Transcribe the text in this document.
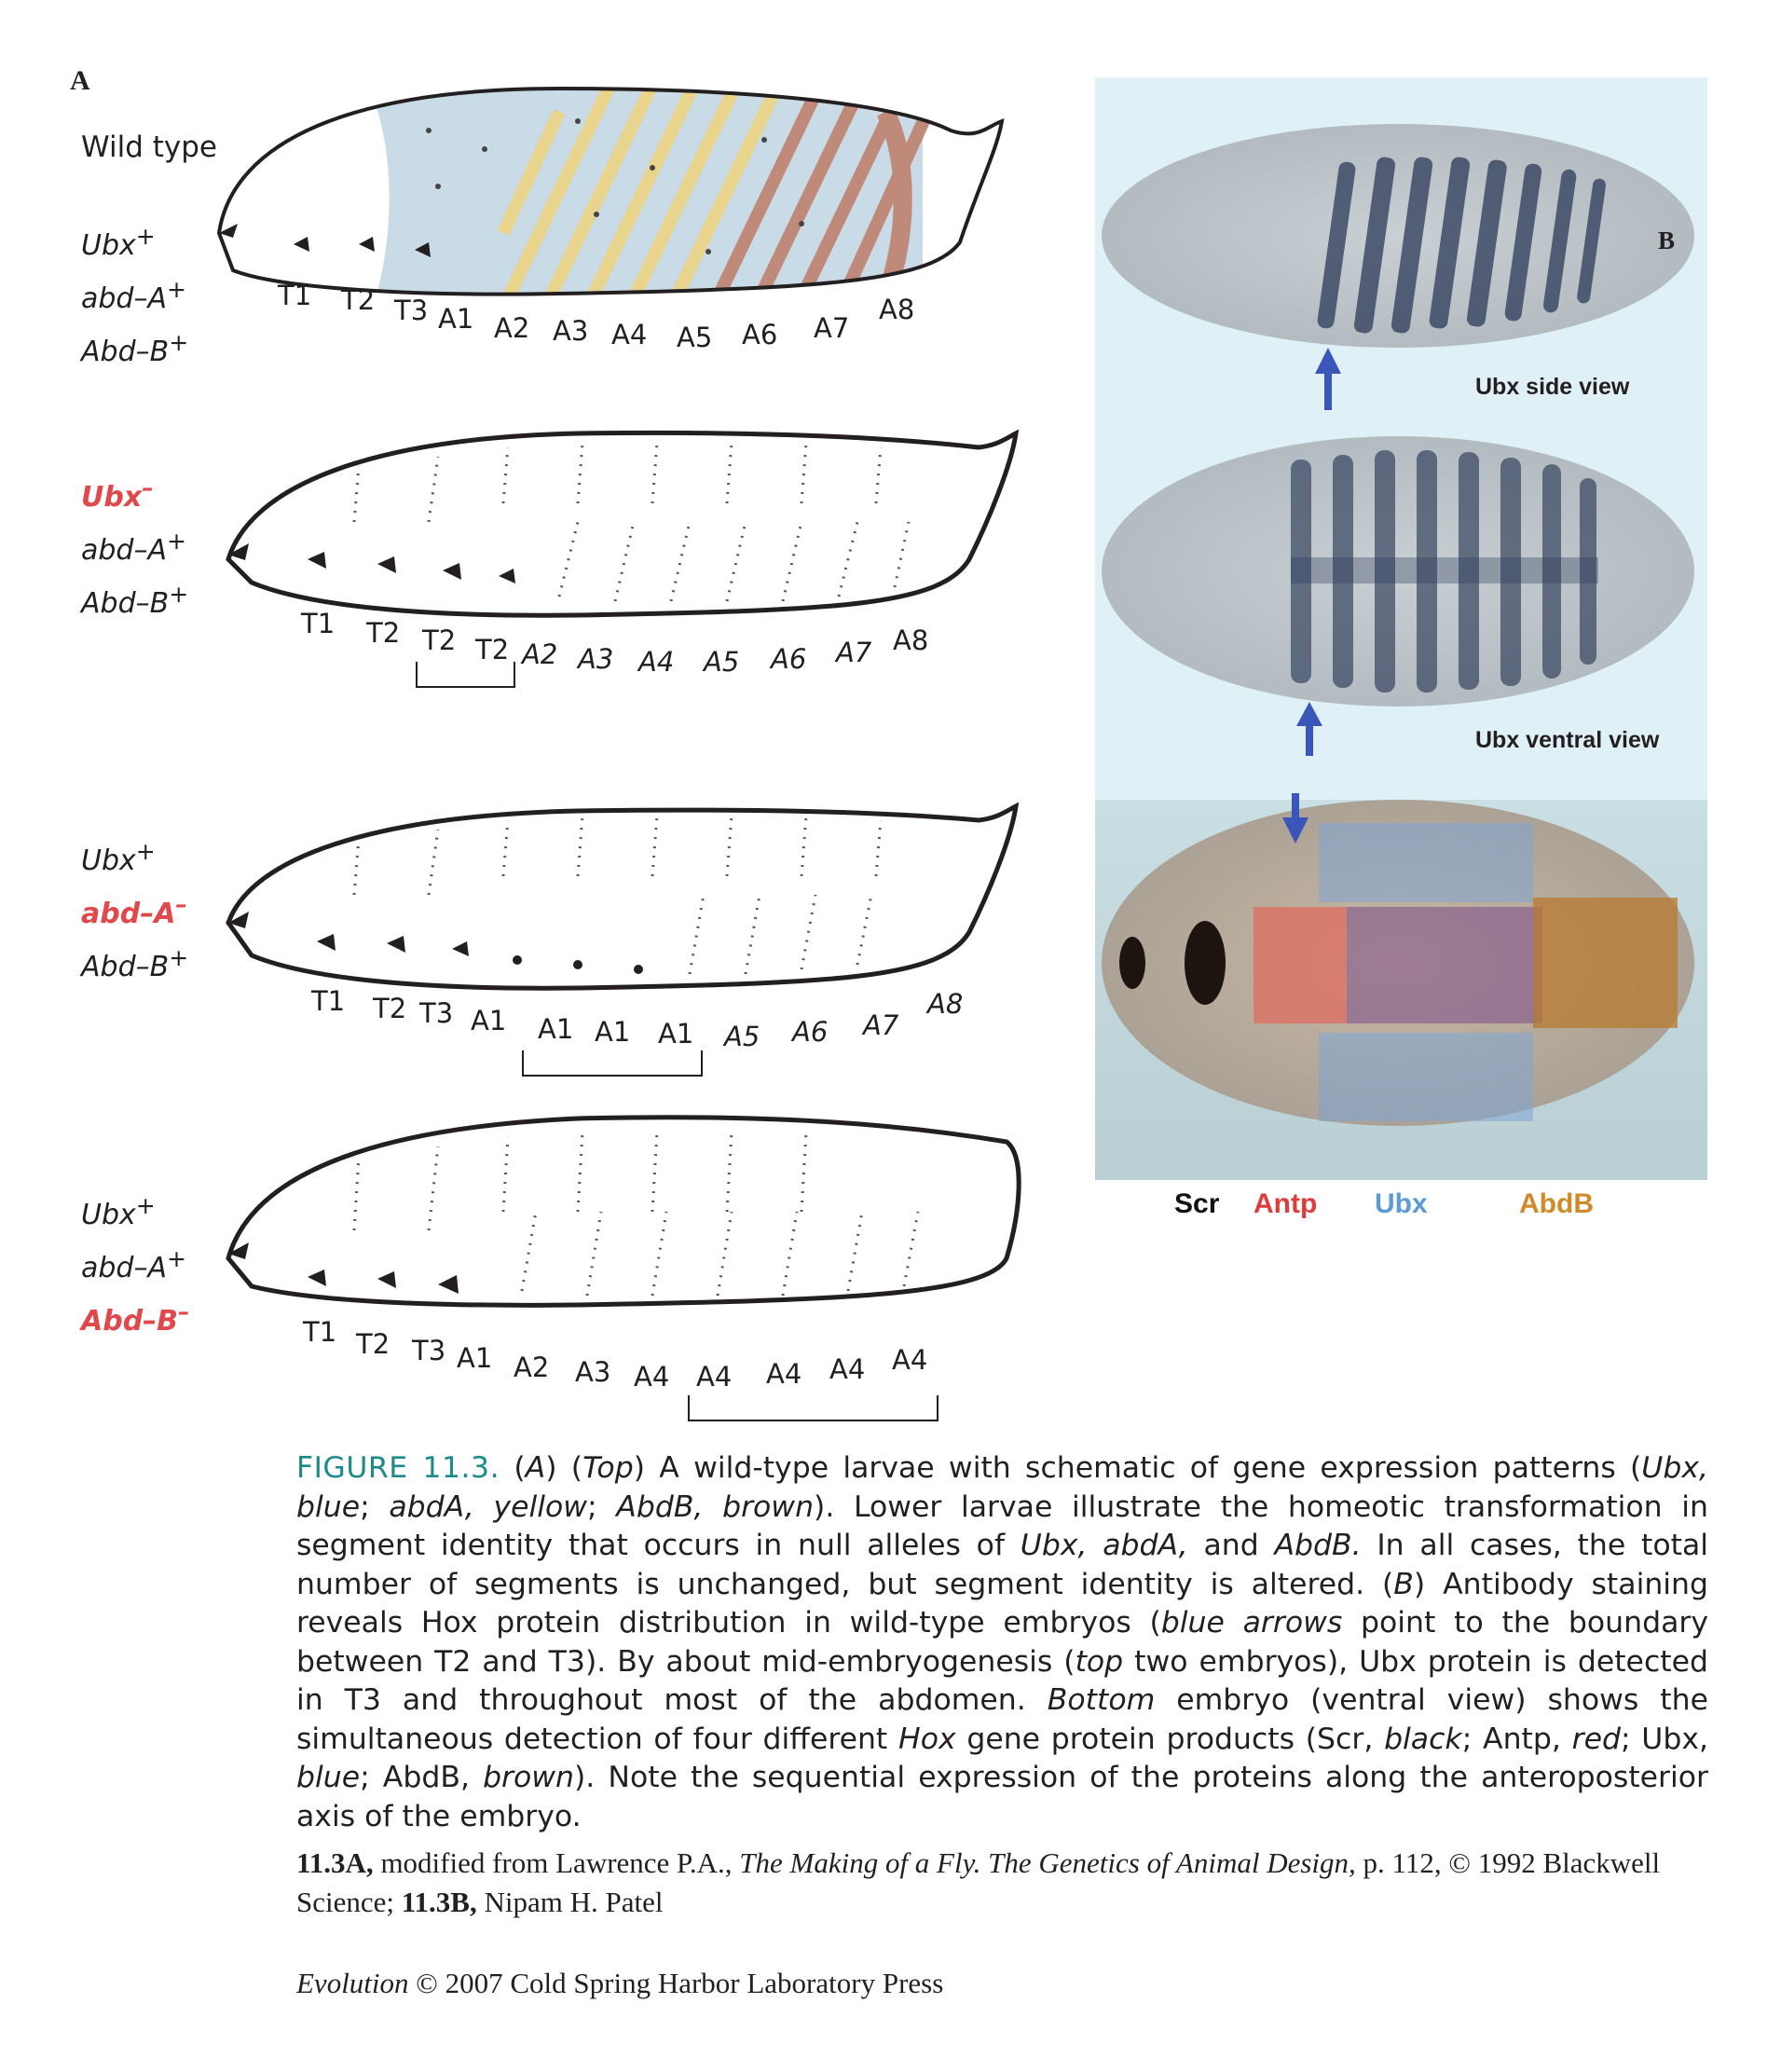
A
Wild type
Ubx+
abd–A+
Abd–B+
Ubx–
abd–A+
Abd–B+
Ubx+
abd–A–
Abd–B+
Ubx+
abd–A+
Abd–B–
T1 T2 T3 A1 A2 A3 A4 A5 A6 A7
A8
T1 T2 T2 T2 A2 A3 A4 A5 A6 A7 A8
T1 T2 T3 A1 A1 A1 A1 A5 A6 A7
A8
T1 T2 T3 A1 A2 A3 A4 A4 A4 A4 A4
B
Ubx side view
Ubx ventral view
Scr Antp Ubx	AbdB
FIGURE 11.3. (A) (Top) A wild-type larvae with schematic of gene expression patterns (Ubx, blue; abdA, yellow; AbdB, brown). Lower larvae illustrate the homeotic transformation in segment identity that occurs in null alleles of Ubx, abdA, and AbdB. In all cases, the total number of segments is unchanged, but segment identity is altered. (B) Antibody staining reveals Hox protein distribution in wild-type embryos (blue arrows point to the boundary between T2 and T3). By about mid-embryogenesis (top two embryos), Ubx protein is detected in T3 and throughout most of the abdomen. Bottom embryo (ventral view) shows the simultaneous detection of four different Hox gene protein products (Scr, black; Antp, red; Ubx, blue; AbdB, brown). Note the sequential expression of the proteins along the anteroposterior axis of the embryo.
11.3A, modified from Lawrence P.A., The Making of a Fly. The Genetics of Animal Design, p. 112, © 1992 Blackwell Science; 11.3B, Nipam H. Patel
Evolution © 2007 Cold Spring Harbor Laboratory Press
